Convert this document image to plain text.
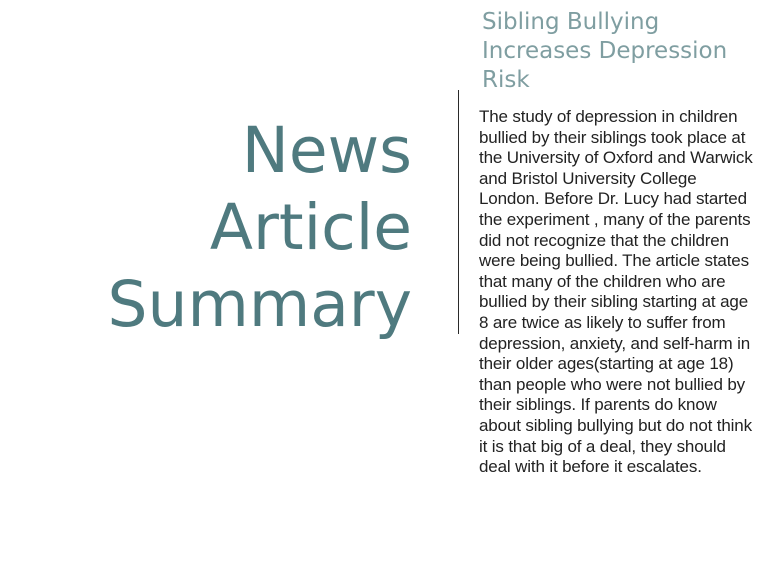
News
Article
Summary
Sibling Bullying Increases Depression Risk

The study of depression in children bullied by their siblings took place at the University of Oxford and Warwick and Bristol University College London. Before Dr. Lucy had started the experiment , many of the parents did not recognize that the children were being bullied. The article states that many of the children who are bullied by their sibling starting at age 8 are twice as likely to suffer from depression, anxiety, and self-harm in their older ages(starting at age 18) than people who were not bullied by their siblings. If parents do know about sibling bullying but do not think it is that big of a deal, they should deal with it before it escalates.
